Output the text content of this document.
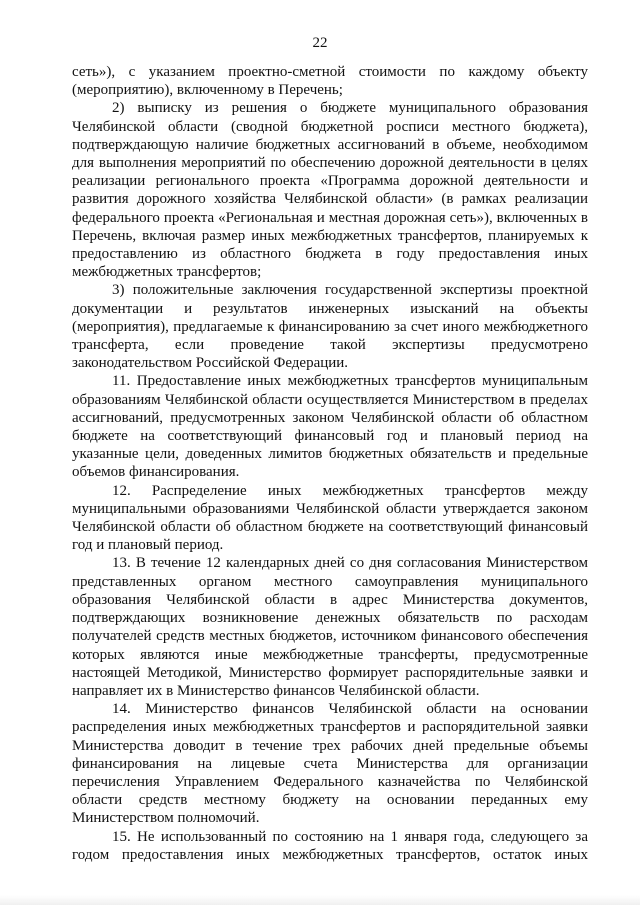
22
сеть»), с указанием проектно-сметной стоимости по каждому объекту
(мероприятию), включенному в Перечень;
2) выписку из решения о бюджете муниципального образования
Челябинской области (сводной бюджетной росписи местного бюджета),
подтверждающую наличие бюджетных ассигнований в объеме, необходимом
для выполнения мероприятий по обеспечению дорожной деятельности в целях
реализации регионального проекта «Программа дорожной деятельности и
развития дорожного хозяйства Челябинской области» (в рамках реализации
федерального проекта «Региональная и местная дорожная сеть»), включенных в
Перечень, включая размер иных межбюджетных трансфертов, планируемых к
предоставлению из областного бюджета в году предоставления иных
межбюджетных трансфертов;
3) положительные заключения государственной экспертизы проектной
документации и результатов инженерных изысканий на объекты
(мероприятия), предлагаемые к финансированию за счет иного межбюджетного
трансферта, если проведение такой экспертизы предусмотрено
законодательством Российской Федерации.
11. Предоставление иных межбюджетных трансфертов муниципальным
образованиям Челябинской области осуществляется Министерством в пределах
ассигнований, предусмотренных законом Челябинской области об областном
бюджете на соответствующий финансовый год и плановый период на
указанные цели, доведенных лимитов бюджетных обязательств и предельные
объемов финансирования.
12. Распределение иных межбюджетных трансфертов между
муниципальными образованиями Челябинской области утверждается законом
Челябинской области об областном бюджете на соответствующий финансовый
год и плановый период.
13. В течение 12 календарных дней со дня согласования Министерством
представленных органом местного самоуправления муниципального
образования Челябинской области в адрес Министерства документов,
подтверждающих возникновение денежных обязательств по расходам
получателей средств местных бюджетов, источником финансового обеспечения
которых являются иные межбюджетные трансферты, предусмотренные
настоящей Методикой, Министерство формирует распорядительные заявки и
направляет их в Министерство финансов Челябинской области.
14. Министерство финансов Челябинской области на основании
распределения иных межбюджетных трансфертов и распорядительной заявки
Министерства доводит в течение трех рабочих дней предельные объемы
финансирования на лицевые счета Министерства для организации
перечисления Управлением Федерального казначейства по Челябинской
области средств местному бюджету на основании переданных ему
Министерством полномочий.
15. Не использованный по состоянию на 1 января года, следующего за
годом предоставления иных межбюджетных трансфертов, остаток иных
